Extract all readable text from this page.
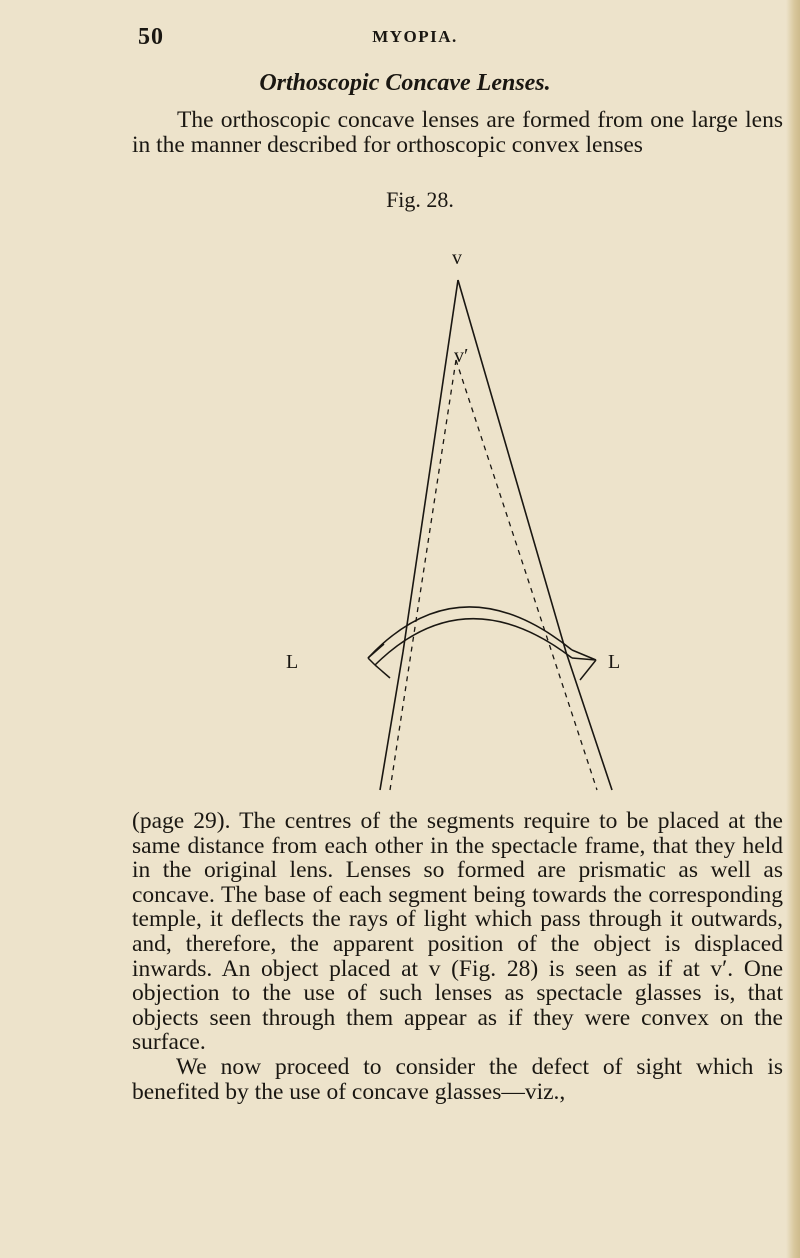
50	MYOPIA.
Orthoscopic Concave Lenses.

The orthoscopic concave lenses are formed from one large lens in the manner described for orthoscopic convex lenses

Fig. 28.
v
v′
L	L

(page 29). The centres of the segments require to be placed at the same distance from each other in the spectacle frame, that they held in the original lens. Lenses so formed are prismatic as well as concave. The base of each segment being towards the corresponding temple, it deflects the rays of light which pass through it outwards, and, therefore, the apparent position of the object is displaced inwards. An object placed at v (Fig. 28) is seen as if at v′. One objection to the use of such lenses as spectacle glasses is, that objects seen through them appear as if they were convex on the surface.

We now proceed to consider the defect of sight which is benefited by the use of concave glasses—viz.,
